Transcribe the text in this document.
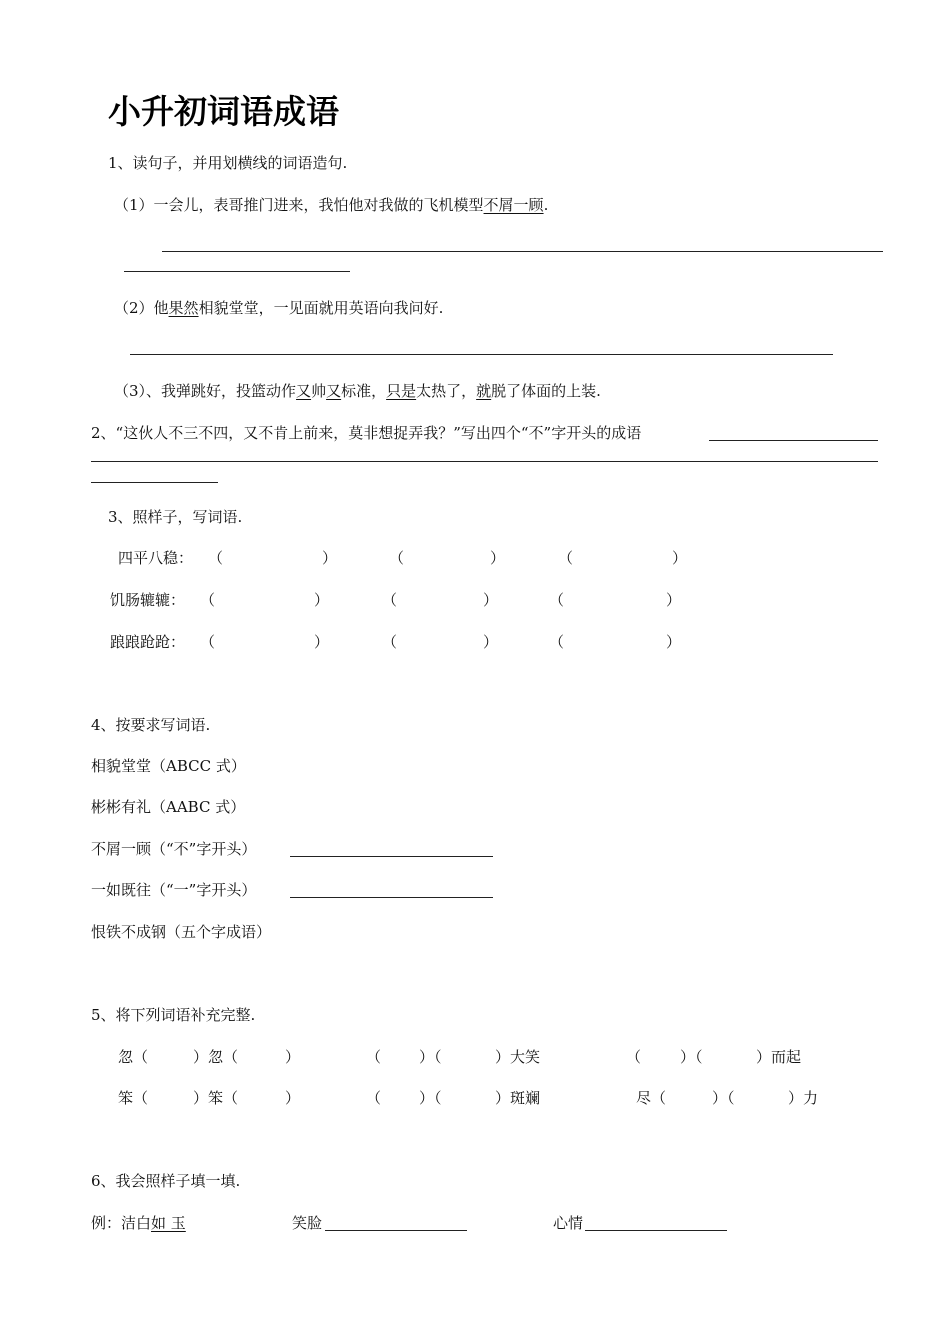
小升初词语成语
1、读句子，并用划横线的词语造句.
（1）一会儿，表哥推门进来，我怕他对我做的飞机模型不屑一顾.
（2）他果然相貌堂堂，一见面就用英语向我问好.
（3）、我弹跳好，投篮动作又帅又标准，只是太热了，就脱了体面的上装.
2、“这伙人不三不四，又不肯上前来，莫非想捉弄我？”写出四个“不”字开头的成语
3、照样子，写词语.
四平八稳： （	）	（	）	（	）
饥肠辘辘： （	）	（	）	（	）
踉踉跄跄： （	）	（	）	（	）
4、按要求写词语.
相貌堂堂（ABCC 式）
彬彬有礼（AABC 式）
不屑一顾（“不”字开头）
一如既往（“一”字开头）
恨铁不成钢（五个字成语）
5、将下列词语补充完整.
忽（	）忽（	）	（	）（	）大笑	（	）（	）而起
笨（	）笨（	）	（	）（	）斑斓	尽（	）（	）力
6、我会照样子填一填.
例：洁白如 玉	笑脸	心情
